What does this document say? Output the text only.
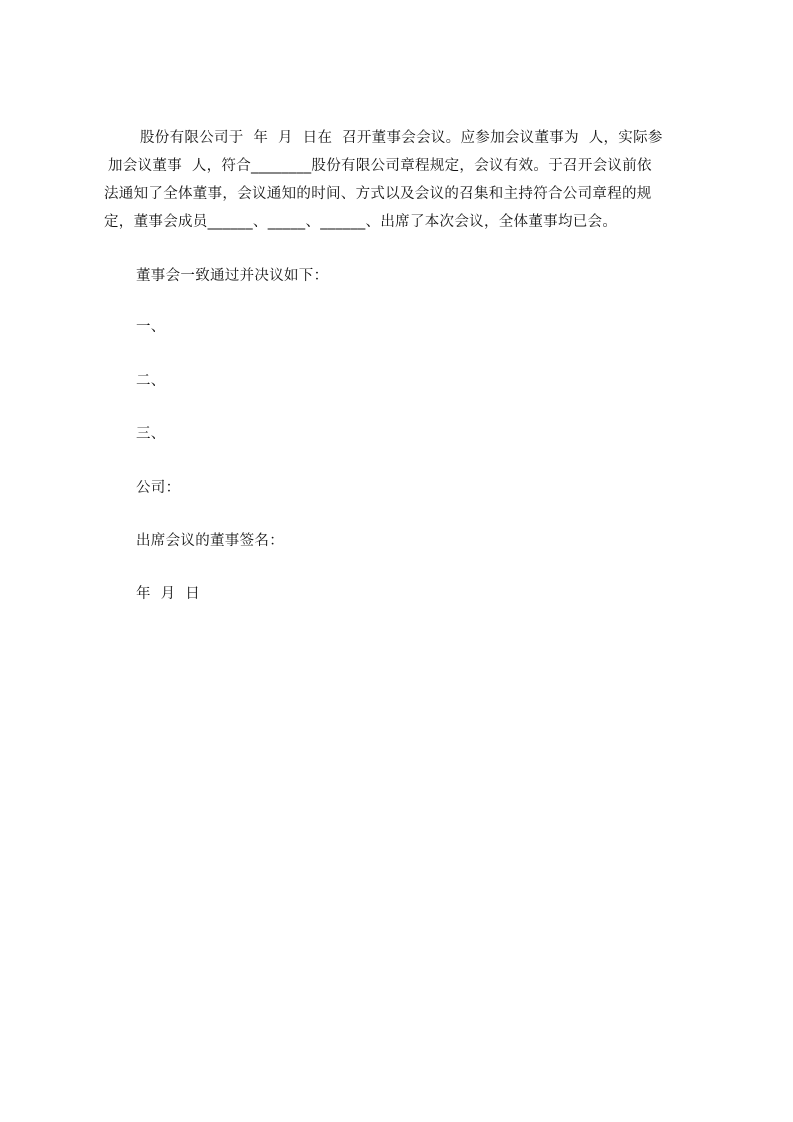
股份有限公司于  年  月  日在  召开董事会会议。应参加会议董事为  人，实际参
加会议董事  人，符合________股份有限公司章程规定，会议有效。于召开会议前依
法通知了全体董事，会议通知的时间、方式以及会议的召集和主持符合公司章程的规
定，董事会成员______、_____、______、出席了本次会议，全体董事均已会。
董事会一致通过并决议如下：
一、
二、
三、
公司：
出席会议的董事签名：
年  月  日
